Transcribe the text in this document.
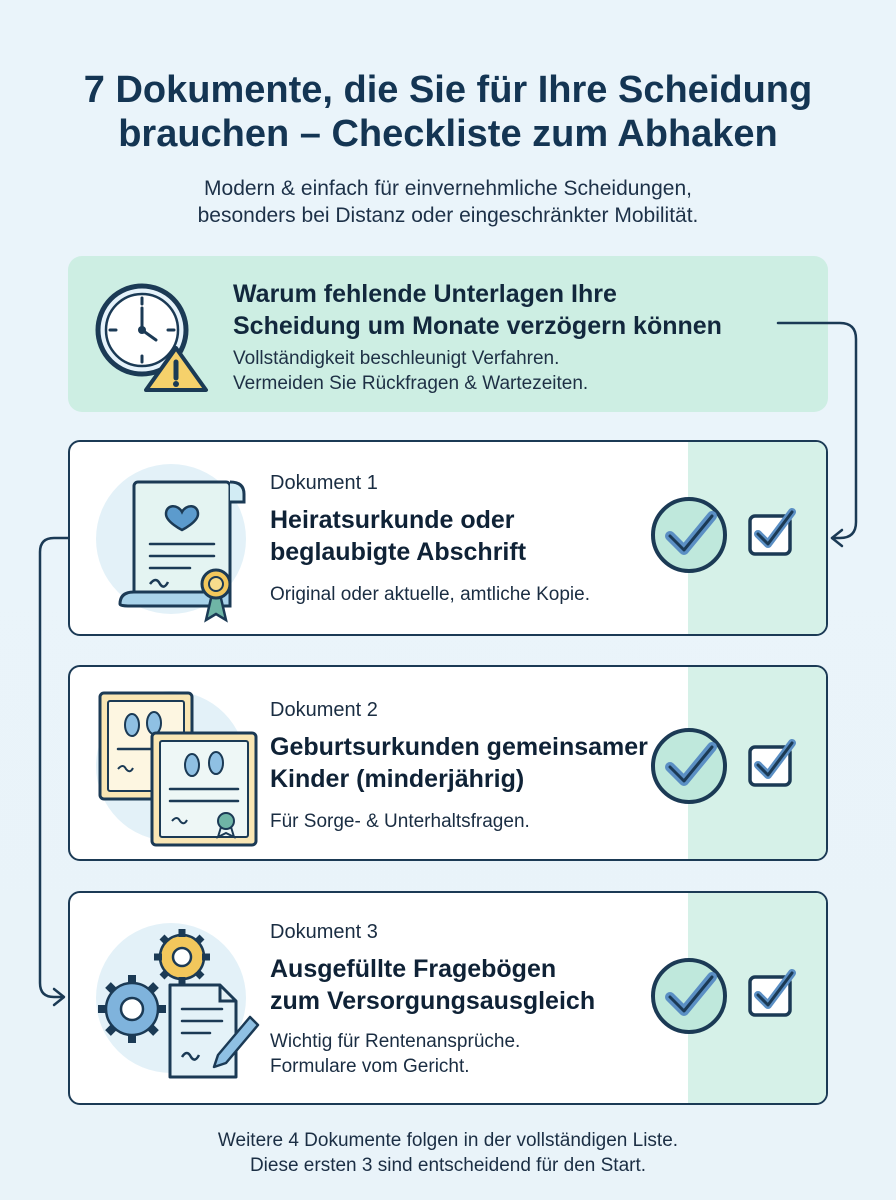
7 Dokumente, die Sie für Ihre Scheidung
brauchen – Checkliste zum Abhaken
Modern & einfach für einvernehmliche Scheidungen,
besonders bei Distanz oder eingeschränkter Mobilität.
Warum fehlende Unterlagen Ihre
Scheidung um Monate verzögern können
Vollständigkeit beschleunigt Verfahren.
Vermeiden Sie Rückfragen & Wartezeiten.
Dokument 1
Heiratsurkunde oder
beglaubigte Abschrift
Original oder aktuelle, amtliche Kopie.
Dokument 2
Geburtsurkunden gemeinsamer
Kinder (minderjährig)
Für Sorge- & Unterhaltsfragen.
Dokument 3
Ausgefüllte Fragebögen
zum Versorgungsausgleich
Wichtig für Rentenansprüche.
Formulare vom Gericht.
Weitere 4 Dokumente folgen in der vollständigen Liste.
Diese ersten 3 sind entscheidend für den Start.
